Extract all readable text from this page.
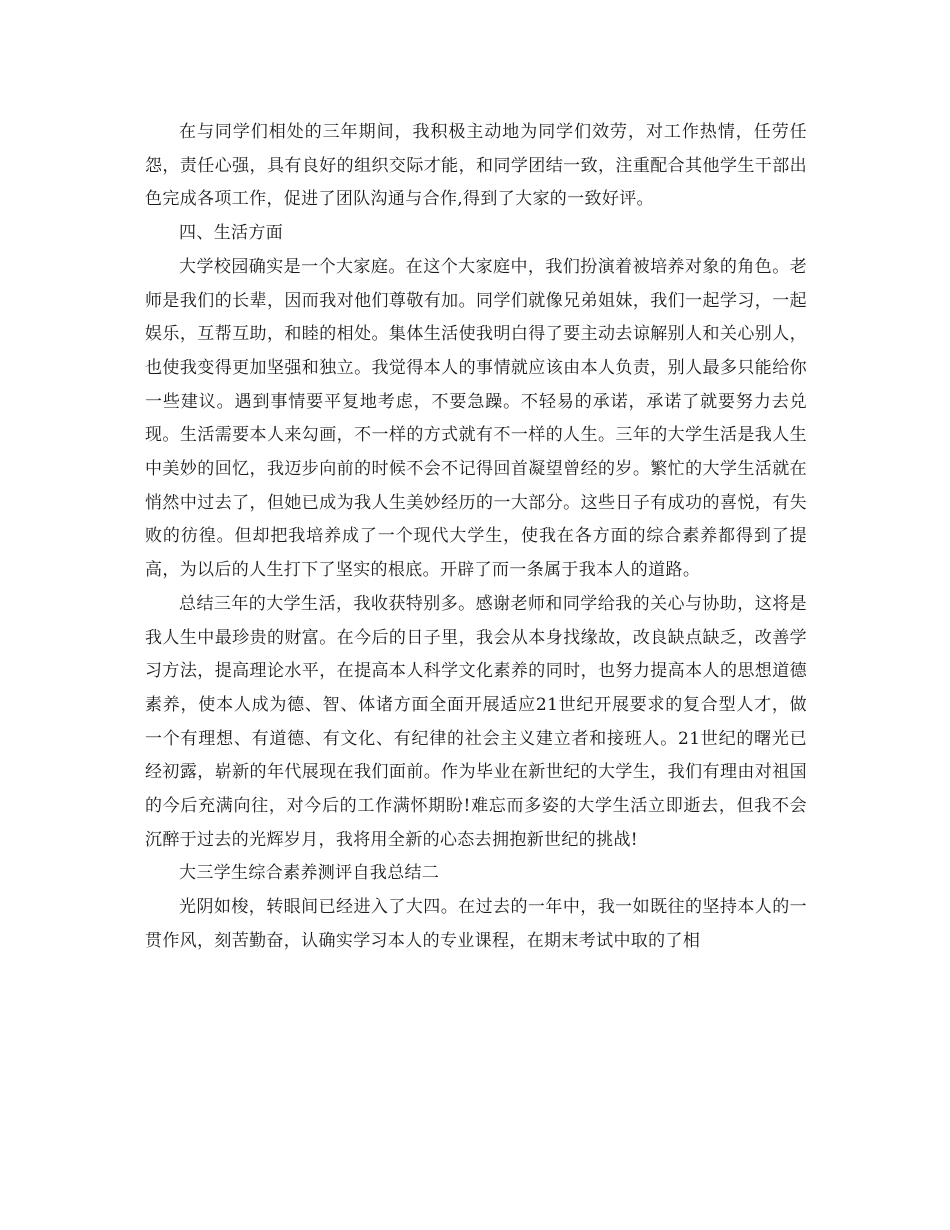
在与同学们相处的三年期间，我积极主动地为同学们效劳，对工作热情，任劳任怨，责任心强，具有良好的组织交际才能，和同学团结一致，注重配合其他学生干部出色完成各项工作，促进了团队沟通与合作,得到了大家的一致好评。

四、生活方面

大学校园确实是一个大家庭。在这个大家庭中，我们扮演着被培养对象的角色。老师是我们的长辈，因而我对他们尊敬有加。同学们就像兄弟姐妹，我们一起学习，一起娱乐，互帮互助，和睦的相处。集体生活使我明白得了要主动去谅解别人和关心别人，也使我变得更加坚强和独立。我觉得本人的事情就应该由本人负责，别人最多只能给你一些建议。遇到事情要平复地考虑，不要急躁。不轻易的承诺，承诺了就要努力去兑现。生活需要本人来勾画，不一样的方式就有不一样的人生。三年的大学生活是我人生中美妙的回忆，我迈步向前的时候不会不记得回首凝望曾经的岁。繁忙的大学生活就在悄然中过去了，但她已成为我人生美妙经历的一大部分。这些日子有成功的喜悦，有失败的彷徨。但却把我培养成了一个现代大学生，使我在各方面的综合素养都得到了提高，为以后的人生打下了坚实的根底。开辟了而一条属于我本人的道路。

总结三年的大学生活，我收获特别多。感谢老师和同学给我的关心与协助，这将是我人生中最珍贵的财富。在今后的日子里，我会从本身找缘故，改良缺点缺乏，改善学习方法，提高理论水平，在提高本人科学文化素养的同时，也努力提高本人的思想道德素养，使本人成为德、智、体诸方面全面开展适应21世纪开展要求的复合型人才，做一个有理想、有道德、有文化、有纪律的社会主义建立者和接班人。21世纪的曙光已经初露，崭新的年代展现在我们面前。作为毕业在新世纪的大学生，我们有理由对祖国的今后充满向往，对今后的工作满怀期盼!难忘而多姿的大学生活立即逝去，但我不会沉醉于过去的光辉岁月，我将用全新的心态去拥抱新世纪的挑战!

大三学生综合素养测评自我总结二

光阴如梭，转眼间已经进入了大四。在过去的一年中，我一如既往的坚持本人的一贯作风，刻苦勤奋，认确实学习本人的专业课程，在期末考试中取的了相
